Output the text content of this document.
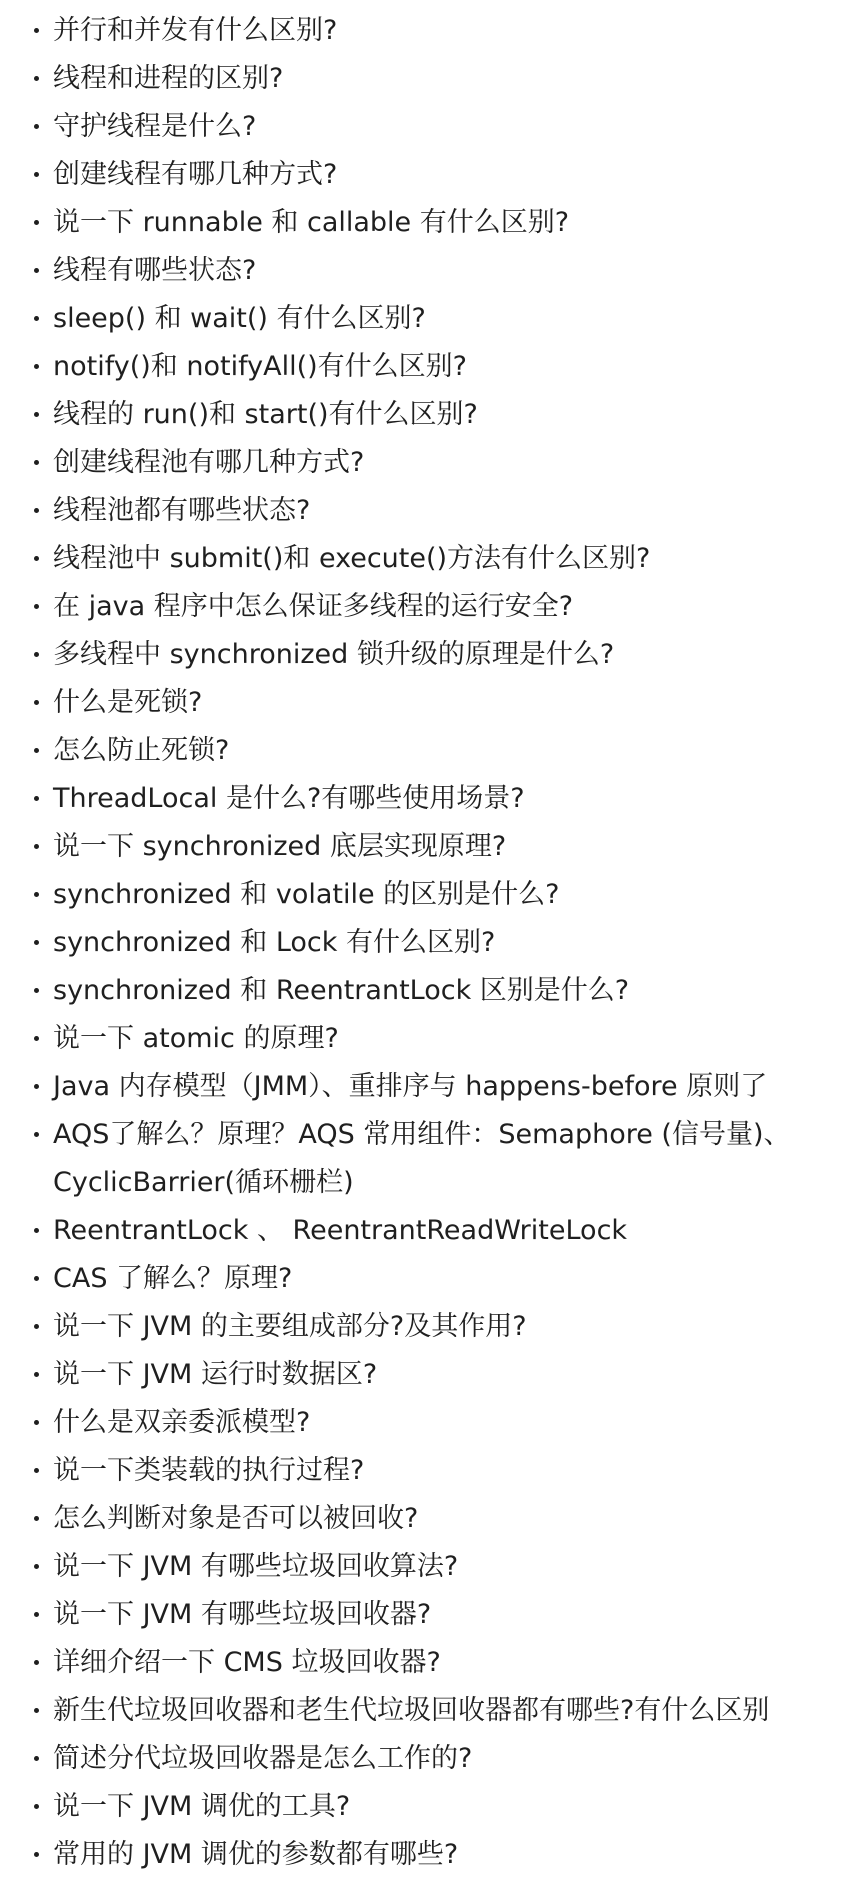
并行和并发有什么区别?
线程和进程的区别?
守护线程是什么?
创建线程有哪几种方式?
说一下 runnable 和 callable 有什么区别?
线程有哪些状态?
sleep() 和 wait() 有什么区别?
notify()和 notifyAll()有什么区别?
线程的 run()和 start()有什么区别?
创建线程池有哪几种方式?
线程池都有哪些状态?
线程池中 submit()和 execute()方法有什么区别?
在 java 程序中怎么保证多线程的运行安全?
多线程中 synchronized 锁升级的原理是什么?
什么是死锁?
怎么防止死锁?
ThreadLocal 是什么?有哪些使用场景?
说一下 synchronized 底层实现原理?
synchronized 和 volatile 的区别是什么?
synchronized 和 Lock 有什么区别?
synchronized 和 ReentrantLock 区别是什么?
说一下 atomic 的原理?
Java 内存模型（JMM）、重排序与 happens-before 原则了
AQS了解么？原理？AQS 常用组件：Semaphore (信号量)、
CyclicBarrier(循环栅栏)
ReentrantLock 、 ReentrantReadWriteLock
CAS 了解么？原理?
说一下 JVM 的主要组成部分?及其作用?
说一下 JVM 运行时数据区?
什么是双亲委派模型?
说一下类装载的执行过程?
怎么判断对象是否可以被回收?
说一下 JVM 有哪些垃圾回收算法?
说一下 JVM 有哪些垃圾回收器?
详细介绍一下 CMS 垃圾回收器?
新生代垃圾回收器和老生代垃圾回收器都有哪些?有什么区别
简述分代垃圾回收器是怎么工作的?
说一下 JVM 调优的工具?
常用的 JVM 调优的参数都有哪些?
